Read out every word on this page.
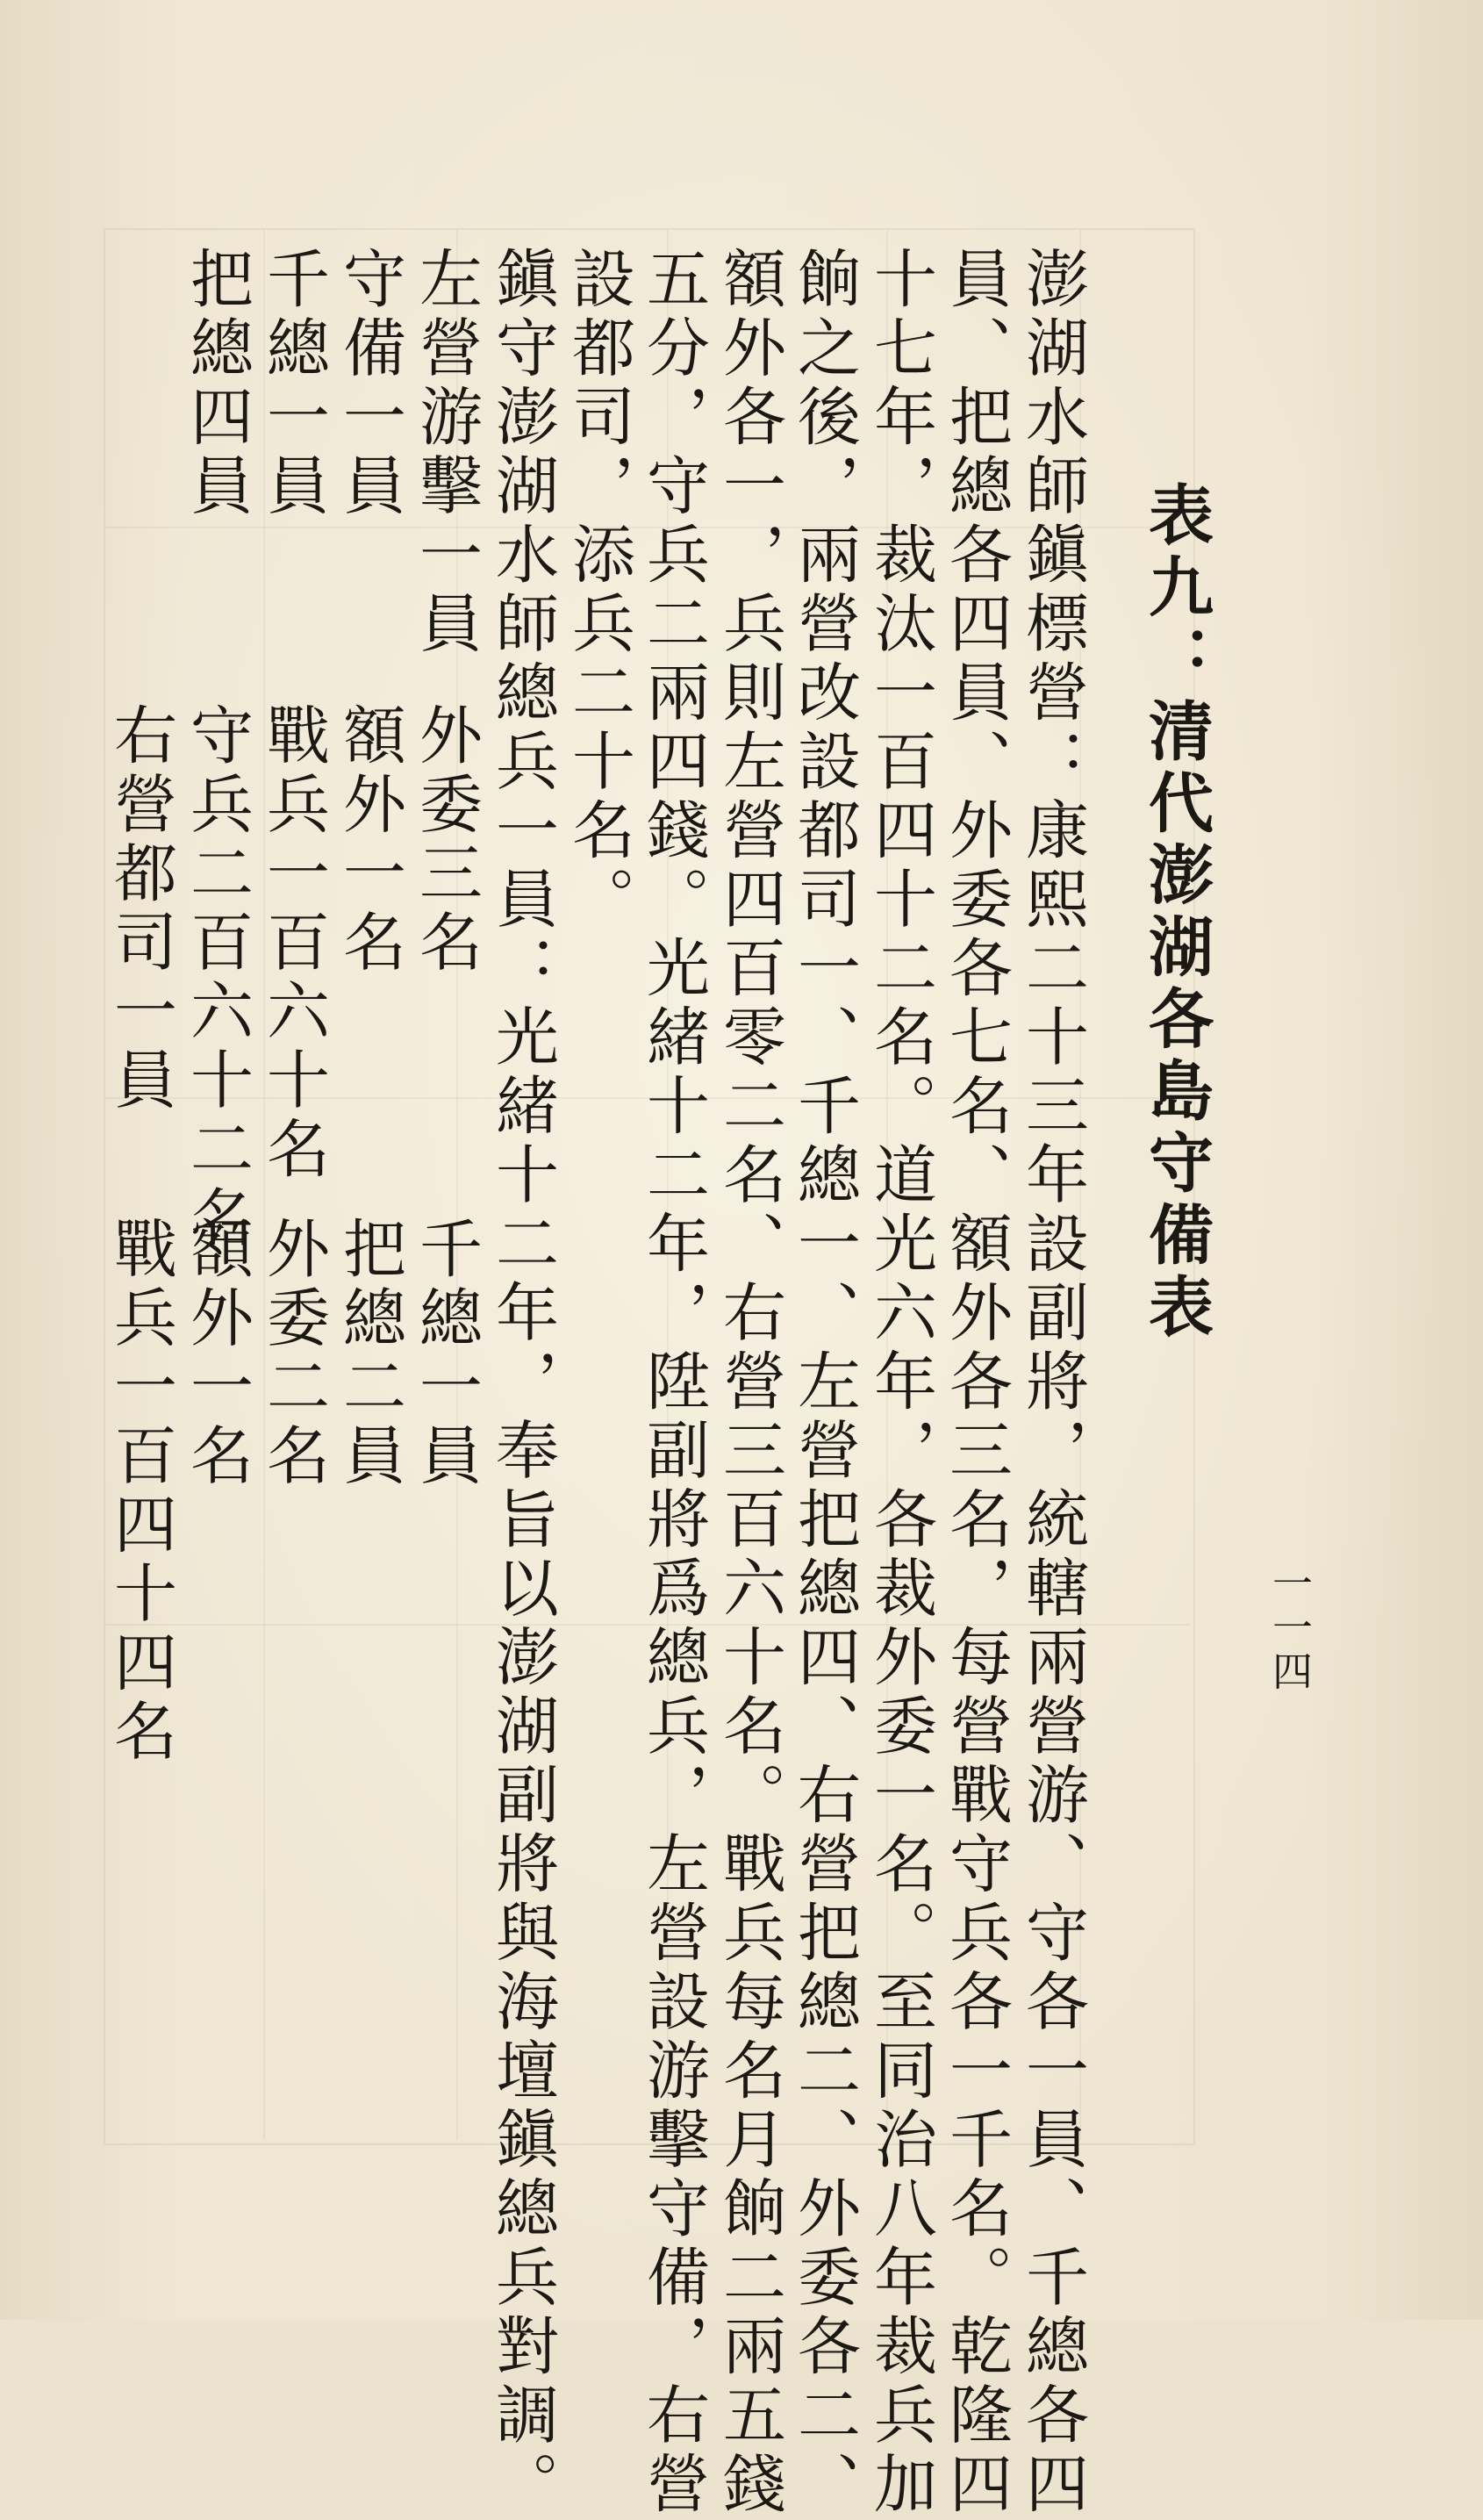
一一四
表九：清代澎湖各島守備表
澎湖水師鎭標營：康熙二十三年設副將，統轄兩營游、守各一員、千總各四
員、把總各四員、外委各七名、額外各三名，每營戰守兵各一千名。乾隆四
十七年，裁汰一百四十二名。道光六年，各裁外委一名。至同治八年裁兵加
餉之後，兩營改設都司一、千總一、左營把總四、右營把總二、外委各二、
額外各一，兵則左營四百零二名、右營三百六十名。戰兵每名月餉二兩五錢
五分，守兵二兩四錢。光緒十二年，陞副將爲總兵，左營設游擊守備，右營
設都司，添兵二十名。
鎭守澎湖水師總兵一員：光緒十二年，奉旨以澎湖副將與海壇鎭總兵對調。
左營游擊一員
外委三名
千總一員
守備一員
額外一名
把總二員
千總一員
戰兵一百六十名
外委二名
把總四員
守兵二百六十二名
額外一名
右營都司一員
戰兵一百四十四名
